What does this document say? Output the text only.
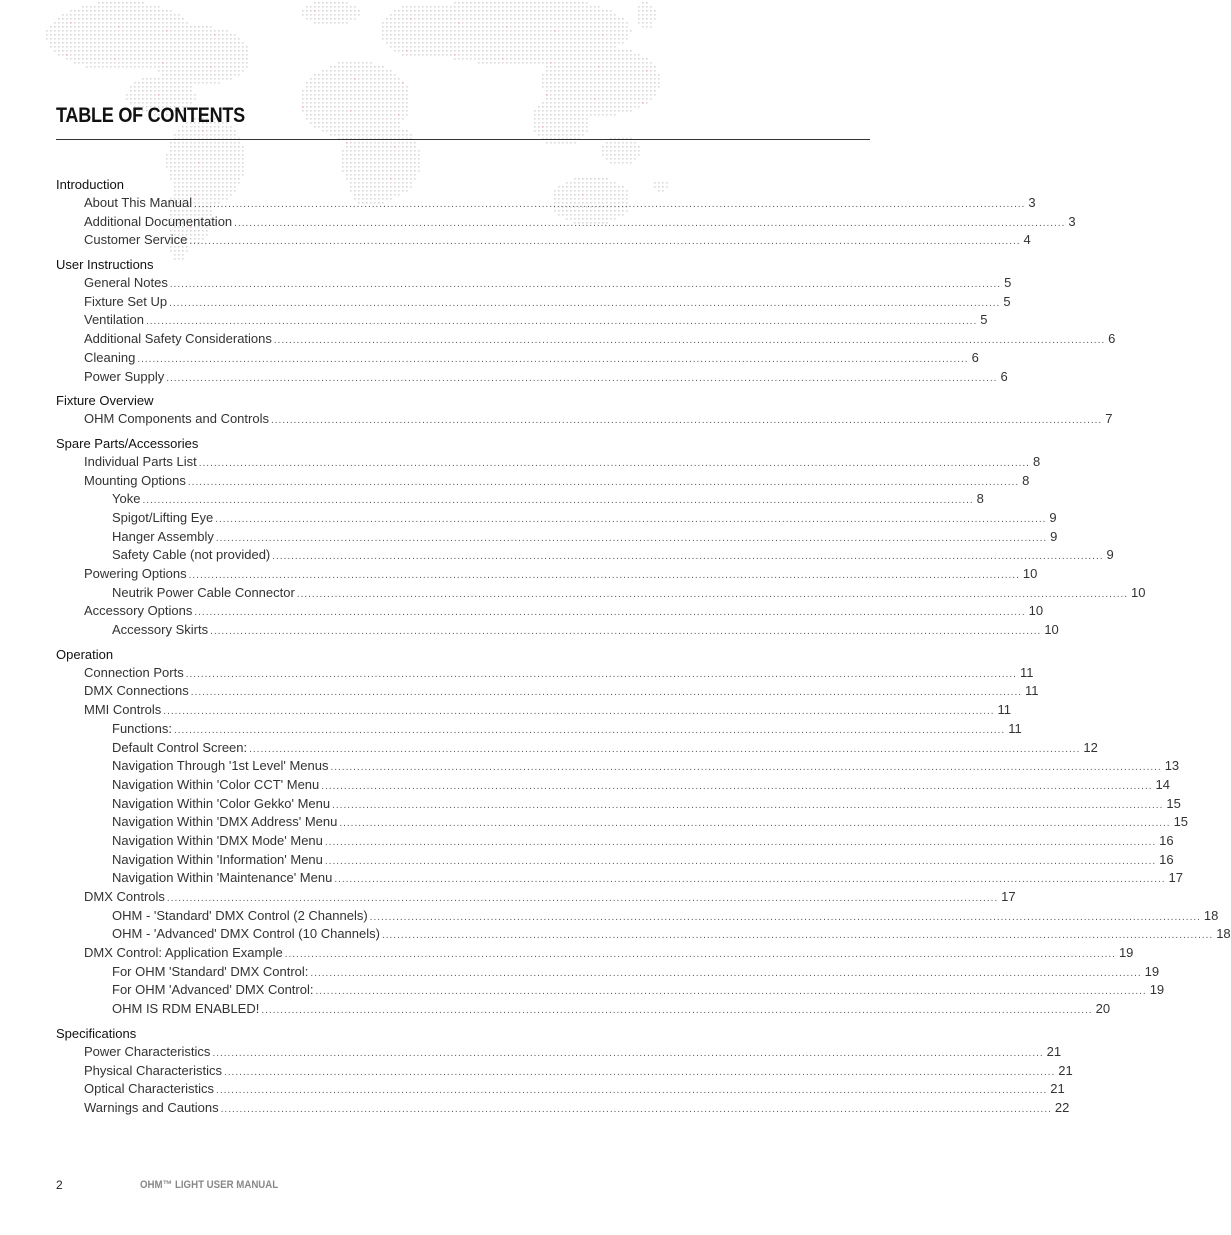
TABLE OF CONTENTS
Introduction
About This Manual ............................................................................................................................................................................................................................ 3
Additional Documentation ............................................................................................................................................................................................................................ 3
Customer Service ............................................................................................................................................................................................................................ 4
User Instructions
General Notes ............................................................................................................................................................................................................................ 5
Fixture Set Up ............................................................................................................................................................................................................................ 5
Ventilation ............................................................................................................................................................................................................................ 5
Additional Safety Considerations ............................................................................................................................................................................................................................ 6
Cleaning ............................................................................................................................................................................................................................ 6
Power Supply ............................................................................................................................................................................................................................ 6
Fixture Overview
OHM Components and Controls ............................................................................................................................................................................................................................ 7
Spare Parts/Accessories
Individual Parts List ............................................................................................................................................................................................................................ 8
Mounting Options ............................................................................................................................................................................................................................ 8
Yoke ............................................................................................................................................................................................................................ 8
Spigot/Lifting Eye ............................................................................................................................................................................................................................ 9
Hanger Assembly ............................................................................................................................................................................................................................ 9
Safety Cable (not provided) ............................................................................................................................................................................................................................ 9
Powering Options ............................................................................................................................................................................................................................ 10
Neutrik Power Cable Connector ............................................................................................................................................................................................................................ 10
Accessory Options ............................................................................................................................................................................................................................ 10
Accessory Skirts ............................................................................................................................................................................................................................ 10
Operation
Connection Ports ............................................................................................................................................................................................................................ 11
DMX Connections ............................................................................................................................................................................................................................ 11
MMI Controls ............................................................................................................................................................................................................................ 11
Functions: ............................................................................................................................................................................................................................ 11
Default Control Screen: ............................................................................................................................................................................................................................ 12
Navigation Through '1st Level' Menus ............................................................................................................................................................................................................................ 13
Navigation Within 'Color CCT' Menu ............................................................................................................................................................................................................................ 14
Navigation Within 'Color Gekko' Menu ............................................................................................................................................................................................................................ 15
Navigation Within 'DMX Address' Menu ............................................................................................................................................................................................................................ 15
Navigation Within 'DMX Mode' Menu ............................................................................................................................................................................................................................ 16
Navigation Within 'Information' Menu ............................................................................................................................................................................................................................ 16
Navigation Within 'Maintenance' Menu ............................................................................................................................................................................................................................ 17
DMX Controls ............................................................................................................................................................................................................................ 17
OHM - 'Standard' DMX Control (2 Channels) ............................................................................................................................................................................................................................ 18
OHM - 'Advanced' DMX Control (10 Channels) ............................................................................................................................................................................................................................ 18
DMX Control: Application Example ............................................................................................................................................................................................................................ 19
For OHM 'Standard' DMX Control: ............................................................................................................................................................................................................................ 19
For OHM 'Advanced' DMX Control: ............................................................................................................................................................................................................................ 19
OHM IS RDM ENABLED! ............................................................................................................................................................................................................................ 20
Specifications
Power Characteristics ............................................................................................................................................................................................................................ 21
Physical Characteristics ............................................................................................................................................................................................................................ 21
Optical Characteristics ............................................................................................................................................................................................................................ 21
Warnings and Cautions ............................................................................................................................................................................................................................ 22
2	OHM™ LIGHT USER MANUAL
